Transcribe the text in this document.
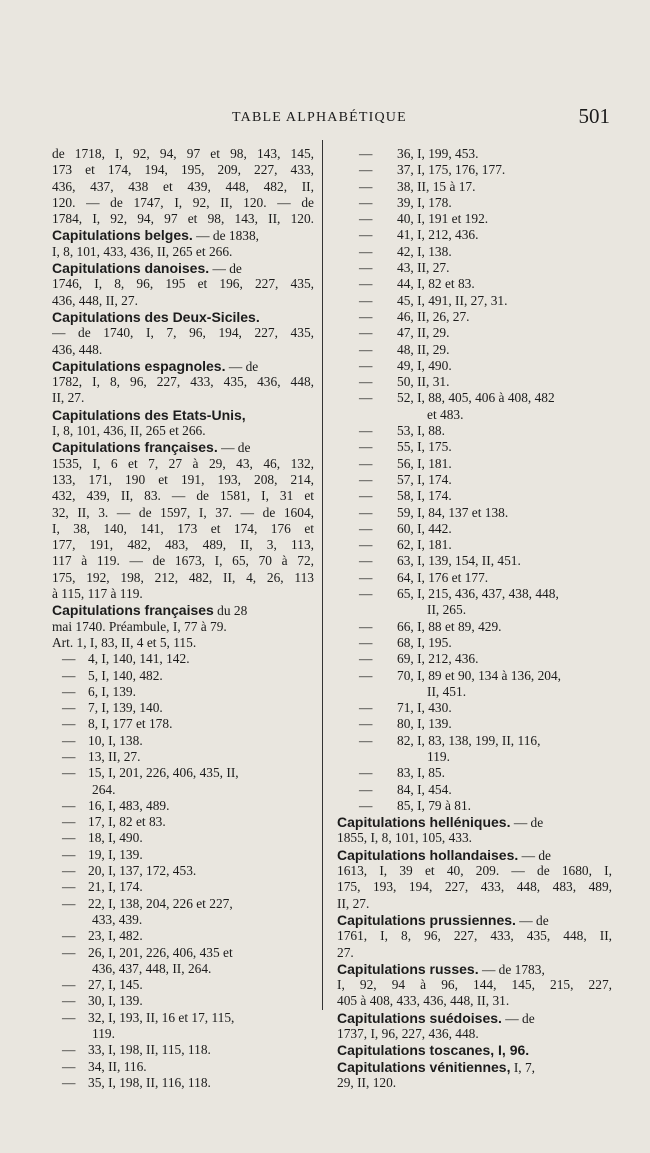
TABLE ALPHABÉTIQUE	501
de 1718, I, 92, 94, 97 et 98, 143, 145,
173 et 174, 194, 195, 209, 227, 433,
436, 437, 438 et 439, 448, 482, II,
120. — de 1747, I, 92, II, 120. — de
1784, I, 92, 94, 97 et 98, 143, II, 120.
Capitulations belges. — de 1838,
I, 8, 101, 433, 436, II, 265 et 266.
Capitulations danoises. — de
1746, I, 8, 96, 195 et 196, 227, 435,
436, 448, II, 27.
Capitulations des Deux-Siciles.
— de 1740, I, 7, 96, 194, 227, 435,
436, 448.
Capitulations espagnoles. — de
1782, I, 8, 96, 227, 433, 435, 436, 448,
II, 27.
Capitulations des Etats-Unis,
I, 8, 101, 436, II, 265 et 266.
Capitulations françaises. — de
1535, I, 6 et 7, 27 à 29, 43, 46, 132,
133, 171, 190 et 191, 193, 208, 214,
432, 439, II, 83. — de 1581, I, 31 et
32, II, 3. — de 1597, I, 37. — de 1604,
I, 38, 140, 141, 173 et 174, 176 et
177, 191, 482, 483, 489, II, 3, 113,
117 à 119. — de 1673, I, 65, 70 à 72,
175, 192, 198, 212, 482, II, 4, 26, 113
à 115, 117 à 119.
Capitulations françaises du 28
mai 1740. Préambule, I, 77 à 79.
Art. 1, I, 83, II, 4 et 5, 115.
— 4, I, 140, 141, 142.
— 5, I, 140, 482.
— 6, I, 139.
— 7, I, 139, 140.
— 8, I, 177 et 178.
— 10, I, 138.
— 13, II, 27.
— 15, I, 201, 226, 406, 435, II,
264.
— 16, I, 483, 489.
— 17, I, 82 et 83.
— 18, I, 490.
— 19, I, 139.
— 20, I, 137, 172, 453.
— 21, I, 174.
— 22, I, 138, 204, 226 et 227,
433, 439.
— 23, I, 482.
— 26, I, 201, 226, 406, 435 et
436, 437, 448, II, 264.
— 27, I, 145.
— 30, I, 139.
— 32, I, 193, II, 16 et 17, 115,
119.
— 33, I, 198, II, 115, 118.
— 34, II, 116.
— 35, I, 198, II, 116, 118.
— 36, I, 199, 453.
— 37, I, 175, 176, 177.
— 38, II, 15 à 17.
— 39, I, 178.
— 40, I, 191 et 192.
— 41, I, 212, 436.
— 42, I, 138.
— 43, II, 27.
— 44, I, 82 et 83.
— 45, I, 491, II, 27, 31.
— 46, II, 26, 27.
— 47, II, 29.
— 48, II, 29.
— 49, I, 490.
— 50, II, 31.
— 52, I, 88, 405, 406 à 408, 482
et 483.
— 53, I, 88.
— 55, I, 175.
— 56, I, 181.
— 57, I, 174.
— 58, I, 174.
— 59, I, 84, 137 et 138.
— 60, I, 442.
— 62, I, 181.
— 63, I, 139, 154, II, 451.
— 64, I, 176 et 177.
— 65, I, 215, 436, 437, 438, 448,
II, 265.
— 66, I, 88 et 89, 429.
— 68, I, 195.
— 69, I, 212, 436.
— 70, I, 89 et 90, 134 à 136, 204,
II, 451.
— 71, I, 430.
— 80, I, 139.
— 82, I, 83, 138, 199, II, 116,
119.
— 83, I, 85.
— 84, I, 454.
— 85, I, 79 à 81.
Capitulations helléniques. — de
1855, I, 8, 101, 105, 433.
Capitulations hollandaises. — de
1613, I, 39 et 40, 209. — de 1680, I,
175, 193, 194, 227, 433, 448, 483, 489,
II, 27.
Capitulations prussiennes. — de
1761, I, 8, 96, 227, 433, 435, 448, II,
27.
Capitulations russes. — de 1783,
I, 92, 94 à 96, 144, 145, 215, 227,
405 à 408, 433, 436, 448, II, 31.
Capitulations suédoises. — de
1737, I, 96, 227, 436, 448.
Capitulations toscanes, I, 96.
Capitulations vénitiennes, I, 7,
29, II, 120.
